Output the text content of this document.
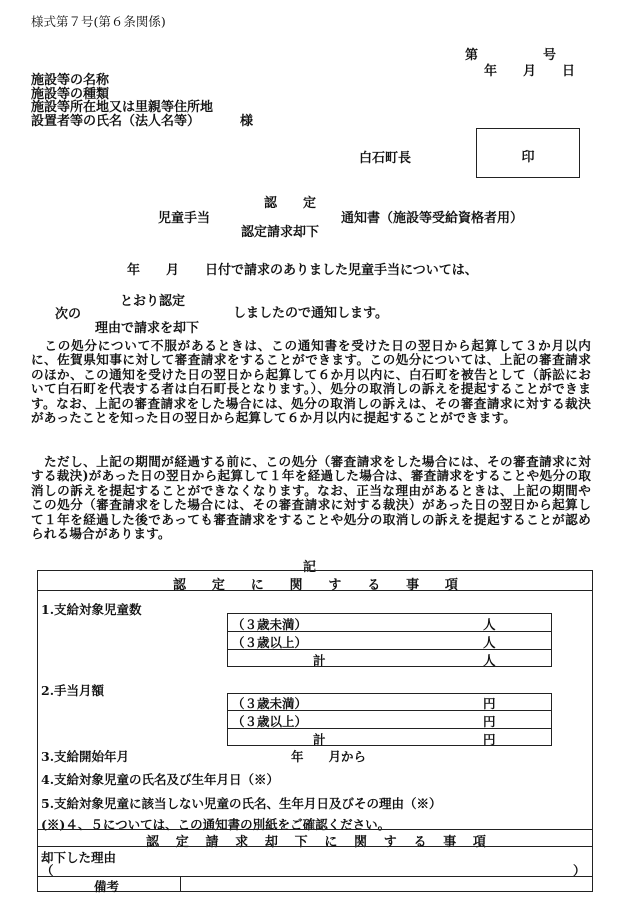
様式第７号(第６条関係)
第　　　　　号
年　　月　　日
施設等の名称
施設等の種類
施設等所在地又は里親等住所地
設置者等の氏名（法人名等）	様
白石町長	印
認　　定
児童手当	通知書（施設等受給資格者用）
認定請求却下
年　　月　　日付で請求のありました児童手当については、
とおり認定
次の	しましたので通知します。
理由で請求を却下
　この処分について不服があるときは、この通知書を受けた日の翌日から起算して３か月以内に、佐賀県知事に対して審査請求をすることができます。この処分については、上記の審査請求のほか、この通知を受けた日の翌日から起算して６か月以内に、白石町を被告として（訴訟において白石町を代表する者は白石町長となります。）、処分の取消しの訴えを提起することができます。なお、上記の審査請求をした場合には、処分の取消しの訴えは、その審査請求に対する裁決があったことを知った日の翌日から起算して６か月以内に提起することができます。
　ただし、上記の期間が経過する前に、この処分（審査請求をした場合には、その審査請求に対する裁決)があった日の翌日から起算して１年を経過した場合は、審査請求をすることや処分の取消しの訴えを提起することができなくなります。なお、正当な理由があるときは、上記の期間やこの処分（審査請求をした場合には、その審査請求に対する裁決）があった日の翌日から起算して１年を経過した後であっても審査請求をすることや処分の取消しの訴えを提起することが認められる場合があります。
記
認 定 に 関 す る 事 項
1.支給対象児童数
（３歳未満）	人
（３歳以上）	人
計	人
2.手当月額
（３歳未満）	円
（３歳以上）	円
計	円
3.支給開始年月	年　　月から
4.支給対象児童の氏名及び生年月日（※）
5.支給対象児童に該当しない児童の氏名、生年月日及びその理由（※）
(※)４、５については、この通知書の別紙をご確認ください。
認 定 請 求 却 下 に 関 す る 事 項
却下した理由
（	）
備考
